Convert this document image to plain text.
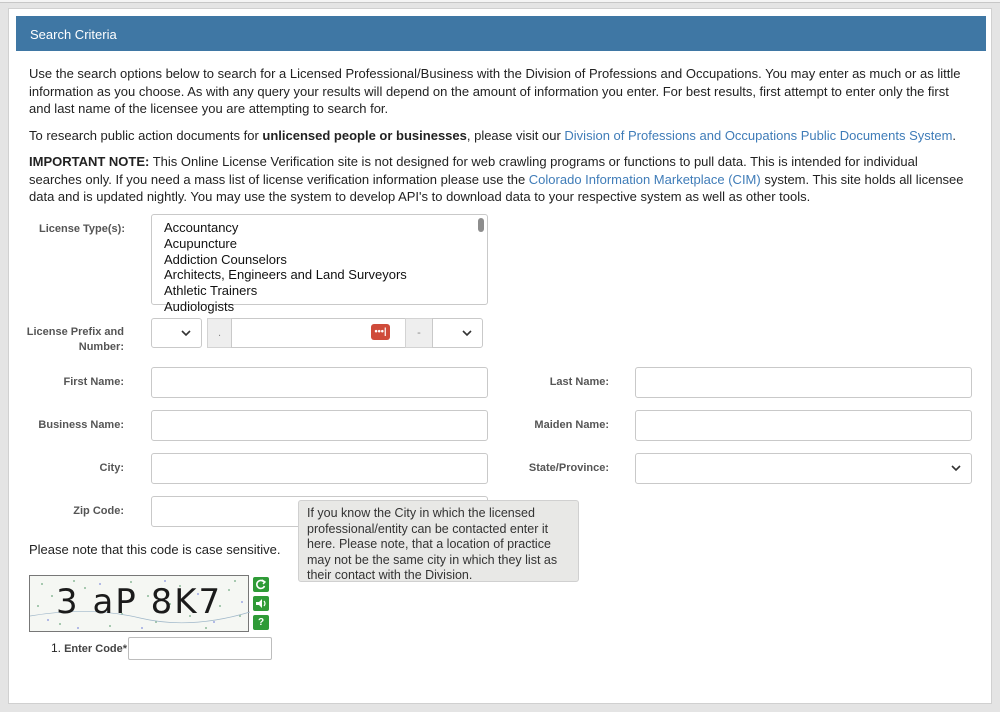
Search Criteria
Use the search options below to search for a Licensed Professional/Business with the Division of Professions and Occupations. You may enter as much or as little information as you choose. As with any query your results will depend on the amount of information you enter. For best results, first attempt to enter only the first and last name of the licensee you are attempting to search for.
To research public action documents for unlicensed people or businesses, please visit our Division of Professions and Occupations Public Documents System.
IMPORTANT NOTE: This Online License Verification site is not designed for web crawling programs or functions to pull data. This is intended for individual searches only. If you need a mass list of license verification information please use the Colorado Information Marketplace (CIM) system. This site holds all licensee data and is updated nightly. You may use the system to develop API's to download data to your respective system as well as other tools.
License Type(s):	Accountancy
Acupuncture
Addiction Counselors
Architects, Engineers and Land Surveyors
Athletic Trainers
Audiologists
License Prefix and
Number:
.	•••|	-
First Name:	Last Name:
Business Name:	Maiden Name:
City:	State/Province:
Zip Code:	If you know the City in which the licensed professional/entity can be contacted enter it here. Please note, that a location of practice may not be the same city in which they list as their contact with the Division.
Please note that this code is case sensitive.
3 aP 8K7
?
1. Enter Code*
